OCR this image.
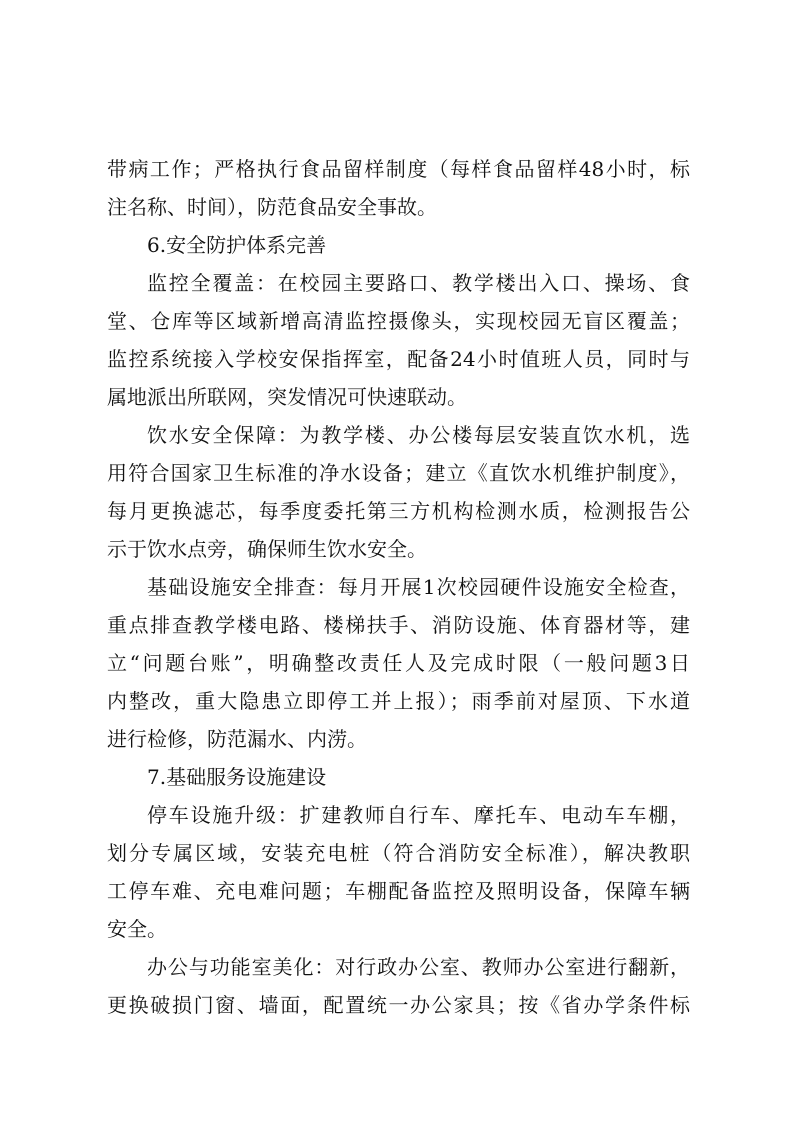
带病工作；严格执行食品留样制度（每样食品留样48小时，标
注名称、时间），防范食品安全事故。
6.安全防护体系完善
监控全覆盖：在校园主要路口、教学楼出入口、操场、食
堂、仓库等区域新增高清监控摄像头，实现校园无盲区覆盖；
监控系统接入学校安保指挥室，配备24小时值班人员，同时与
属地派出所联网，突发情况可快速联动。
饮水安全保障：为教学楼、办公楼每层安装直饮水机，选
用符合国家卫生标准的净水设备；建立《直饮水机维护制度》，
每月更换滤芯，每季度委托第三方机构检测水质，检测报告公
示于饮水点旁，确保师生饮水安全。
基础设施安全排查：每月开展1次校园硬件设施安全检查，
重点排查教学楼电路、楼梯扶手、消防设施、体育器材等，建
立“问题台账”，明确整改责任人及完成时限（一般问题3日
内整改，重大隐患立即停工并上报）；雨季前对屋顶、下水道
进行检修，防范漏水、内涝。
7.基础服务设施建设
停车设施升级：扩建教师自行车、摩托车、电动车车棚，
划分专属区域，安装充电桩（符合消防安全标准），解决教职
工停车难、充电难问题；车棚配备监控及照明设备，保障车辆
安全。
办公与功能室美化：对行政办公室、教师办公室进行翻新，
更换破损门窗、墙面，配置统一办公家具；按《省办学条件标
